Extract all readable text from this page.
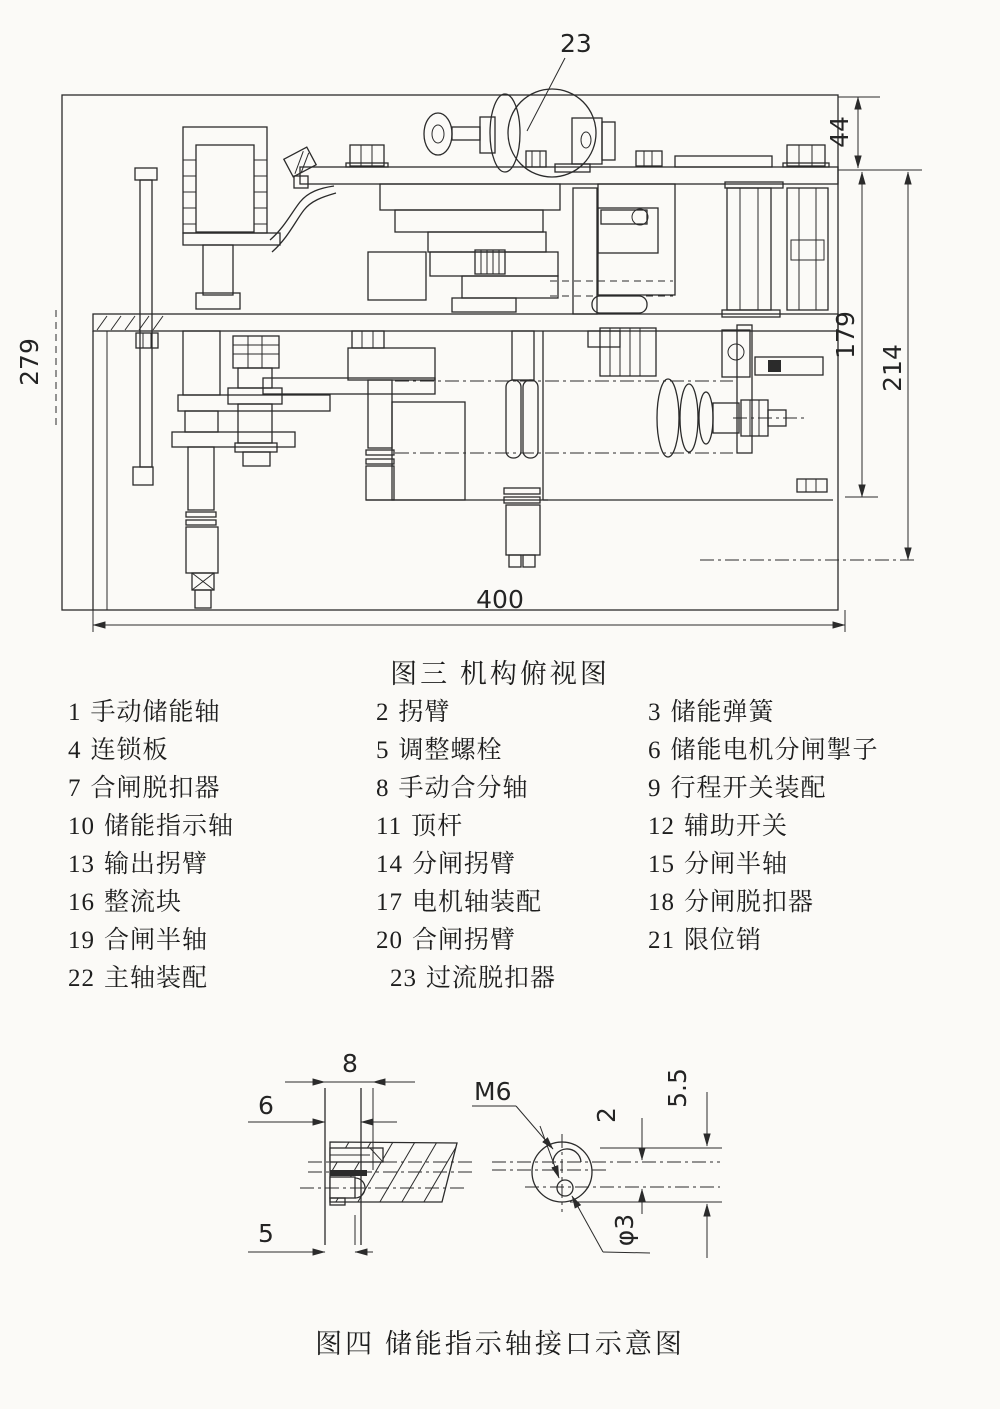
23
44
179
214
400
279
图三 机构俯视图
1 手动储能轴	2 拐臂	3 储能弹簧
4 连锁板	5 调整螺栓	6 储能电机分闸掣子
7 合闸脱扣器	8 手动合分轴	9 行程开关装配
10 储能指示轴	11 顶杆	12 辅助开关
13 输出拐臂	14 分闸拐臂	15 分闸半轴
16 整流块	17 电机轴装配	18 分闸脱扣器
19 合闸半轴	20 合闸拐臂	21 限位销
22 主轴装配	23 过流脱扣器
8
6
5
M6
φ3
2
5.5
图四 储能指示轴接口示意图
